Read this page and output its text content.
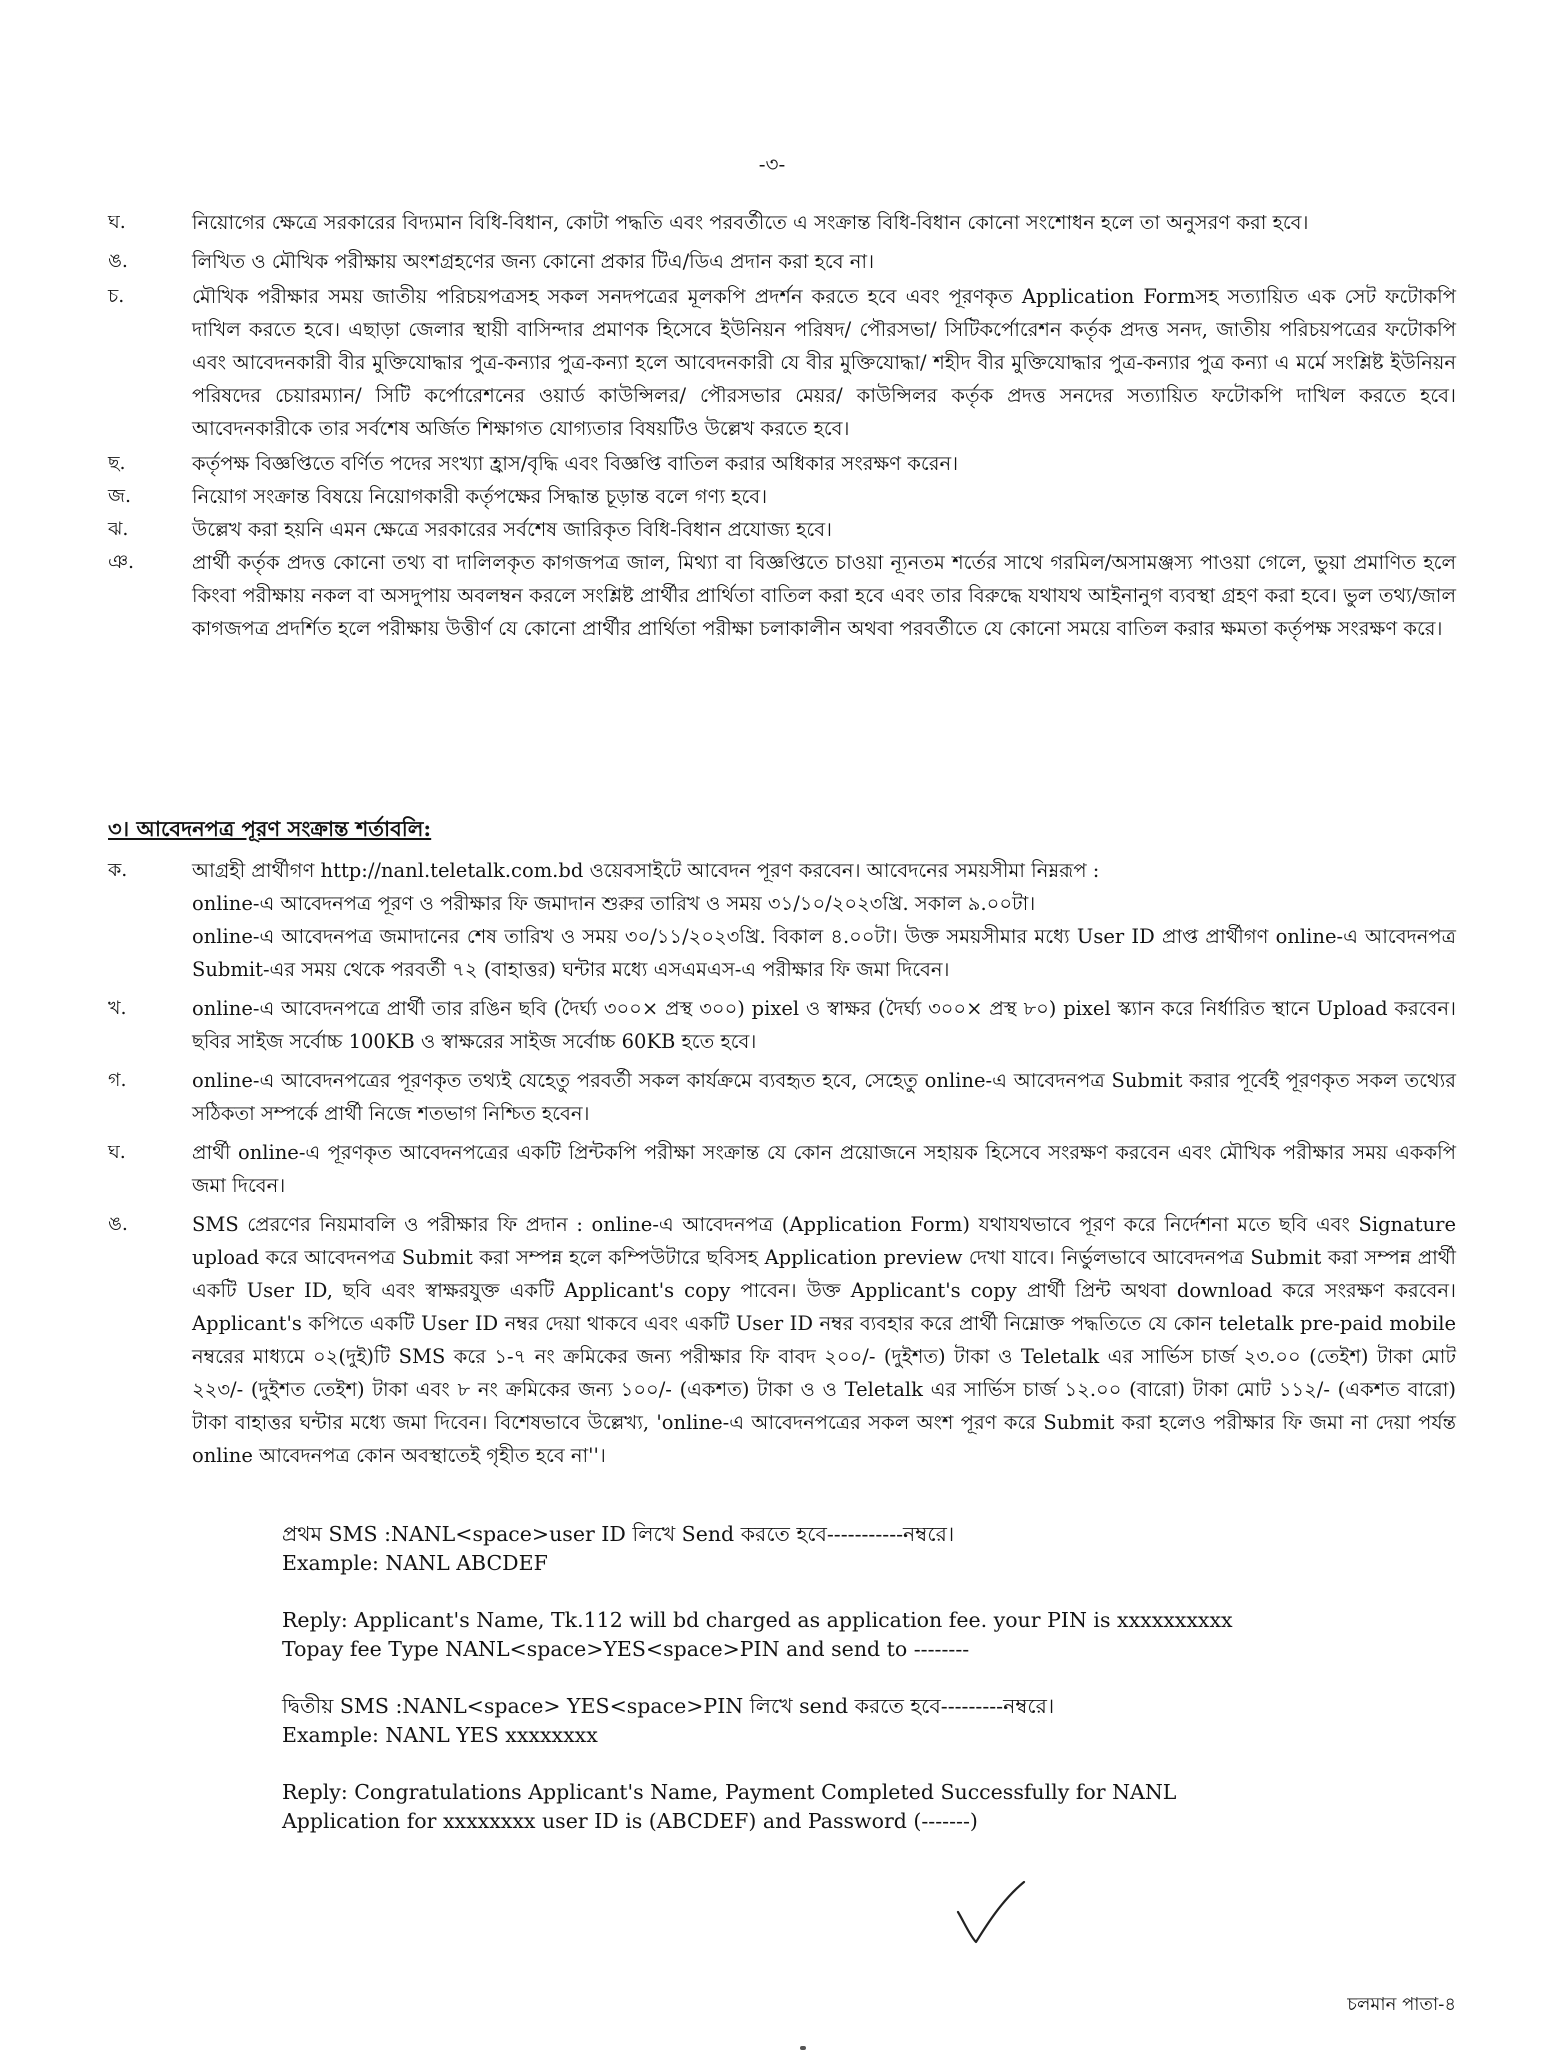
-৩-
ঘ.	নিয়োগের ক্ষেত্রে সরকারের বিদ্যমান বিধি-বিধান, কোটা পদ্ধতি এবং পরবর্তীতে এ সংক্রান্ত বিধি-বিধান কোনো সংশোধন হলে তা অনুসরণ করা হবে।
ঙ.	লিখিত ও মৌখিক পরীক্ষায় অংশগ্রহণের জন্য কোনো প্রকার টিএ/ডিএ প্রদান করা হবে না।
চ.	মৌখিক পরীক্ষার সময় জাতীয় পরিচয়পত্রসহ সকল সনদপত্রের মূলকপি প্রদর্শন করতে হবে এবং পূরণকৃত Application Formসহ সত্যায়িত এক সেট ফটোকপি দাখিল করতে হবে। এছাড়া জেলার স্থায়ী বাসিন্দার প্রমাণক হিসেবে ইউনিয়ন পরিষদ/ পৌরসভা/ সিটিকর্পোরেশন কর্তৃক প্রদত্ত সনদ, জাতীয় পরিচয়পত্রের ফটোকপি এবং আবেদনকারী বীর মুক্তিযোদ্ধার পুত্র-কন্যার পুত্র-কন্যা হলে আবেদনকারী যে বীর মুক্তিযোদ্ধা/ শহীদ বীর মুক্তিযোদ্ধার পুত্র-কন্যার পুত্র কন্যা এ মর্মে সংশ্লিষ্ট ইউনিয়ন পরিষদের চেয়ারম্যান/ সিটি কর্পোরেশনের ওয়ার্ড কাউন্সিলর/ পৌরসভার মেয়র/ কাউন্সিলর কর্তৃক প্রদত্ত সনদের সত্যায়িত ফটোকপি দাখিল করতে হবে। আবেদনকারীকে তার সর্বশেষ অর্জিত শিক্ষাগত যোগ্যতার বিষয়টিও উল্লেখ করতে হবে।
ছ.	কর্তৃপক্ষ বিজ্ঞপ্তিতে বর্ণিত পদের সংখ্যা হ্রাস/বৃদ্ধি এবং বিজ্ঞপ্তি বাতিল করার অধিকার সংরক্ষণ করেন।
জ.	নিয়োগ সংক্রান্ত বিষয়ে নিয়োগকারী কর্তৃপক্ষের সিদ্ধান্ত চূড়ান্ত বলে গণ্য হবে।
ঝ.	উল্লেখ করা হয়নি এমন ক্ষেত্রে সরকারের সর্বশেষ জারিকৃত বিধি-বিধান প্রযোজ্য হবে।
ঞ.	প্রার্থী কর্তৃক প্রদত্ত কোনো তথ্য বা দালিলকৃত কাগজপত্র জাল, মিথ্যা বা বিজ্ঞপ্তিতে চাওয়া ন্যূনতম শর্তের সাথে গরমিল/অসামঞ্জস্য পাওয়া গেলে, ভুয়া প্রমাণিত হলে কিংবা পরীক্ষায় নকল বা অসদুপায় অবলম্বন করলে সংশ্লিষ্ট প্রার্থীর প্রার্থিতা বাতিল করা হবে এবং তার বিরুদ্ধে যথাযথ আইনানুগ ব্যবস্থা গ্রহণ করা হবে। ভুল তথ্য/জাল কাগজপত্র প্রদর্শিত হলে পরীক্ষায় উত্তীর্ণ যে কোনো প্রার্থীর প্রার্থিতা পরীক্ষা চলাকালীন অথবা পরবর্তীতে যে কোনো সময়ে বাতিল করার ক্ষমতা কর্তৃপক্ষ সংরক্ষণ করে।
৩। আবেদনপত্র পূরণ সংক্রান্ত শর্তাবলি:
ক.	আগ্রহী প্রার্থীগণ http://nanl.teletalk.com.bd ওয়েবসাইটে আবেদন পূরণ করবেন। আবেদনের সময়সীমা নিম্নরূপ :

online-এ আবেদনপত্র পূরণ ও পরীক্ষার ফি জমাদান শুরুর তারিখ ও সময় ৩১/১০/২০২৩খ্রি. সকাল ৯.০০টা।

online-এ আবেদনপত্র জমাদানের শেষ তারিখ ও সময় ৩০/১১/২০২৩খ্রি. বিকাল ৪.০০টা। উক্ত সময়সীমার মধ্যে User ID প্রাপ্ত প্রার্থীগণ online-এ আবেদনপত্র Submit-এর সময় থেকে পরবর্তী ৭২ (বাহাত্তর) ঘন্টার মধ্যে এসএমএস-এ পরীক্ষার ফি জমা দিবেন।

খ.	online-এ আবেদনপত্রে প্রার্থী তার রঙিন ছবি (দৈর্ঘ্য ৩০০× প্রস্থ ৩০০) pixel ও স্বাক্ষর (দৈর্ঘ্য ৩০০× প্রস্থ ৮০) pixel স্ক্যান করে নির্ধারিত স্থানে Upload করবেন। ছবির সাইজ সর্বোচ্চ 100KB ও স্বাক্ষরের সাইজ সর্বোচ্চ 60KB হতে হবে।

গ.	online-এ আবেদনপত্রের পূরণকৃত তথ্যই যেহেতু পরবর্তী সকল কার্যক্রমে ব্যবহৃত হবে, সেহেতু online-এ আবেদনপত্র Submit করার পূর্বেই পূরণকৃত সকল তথ্যের সঠিকতা সম্পর্কে প্রার্থী নিজে শতভাগ নিশ্চিত হবেন।

ঘ.	প্রার্থী online-এ পূরণকৃত আবেদনপত্রের একটি প্রিন্টকপি পরীক্ষা সংক্রান্ত যে কোন প্রয়োজনে সহায়ক হিসেবে সংরক্ষণ করবেন এবং মৌখিক পরীক্ষার সময় এককপি জমা দিবেন।

ঙ.	SMS প্রেরণের নিয়মাবলি ও পরীক্ষার ফি প্রদান : online-এ আবেদনপত্র (Application Form) যথাযথভাবে পূরণ করে নির্দেশনা মতে ছবি এবং Signature upload করে আবেদনপত্র Submit করা সম্পন্ন হলে কম্পিউটারে ছবিসহ Application preview দেখা যাবে। নির্ভুলভাবে আবেদনপত্র Submit করা সম্পন্ন প্রার্থী একটি User ID, ছবি এবং স্বাক্ষরযুক্ত একটি Applicant's copy পাবেন। উক্ত Applicant's copy প্রার্থী প্রিন্ট অথবা download করে সংরক্ষণ করবেন। Applicant's কপিতে একটি User ID নম্বর দেয়া থাকবে এবং একটি User ID নম্বর ব্যবহার করে প্রার্থী নিম্নোক্ত পদ্ধতিতে যে কোন teletalk pre-paid mobile নম্বরের মাধ্যমে ০২(দুই)টি SMS করে ১-৭ নং ক্রমিকের জন্য পরীক্ষার ফি বাবদ ২০০/- (দুইশত) টাকা ও Teletalk এর সার্ভিস চার্জ ২৩.০০ (তেইশ) টাকা মোট ২২৩/- (দুইশত তেইশ) টাকা এবং ৮ নং ক্রমিকের জন্য ১০০/- (একশত) টাকা ও ও Teletalk এর সার্ভিস চার্জ ১২.০০ (বারো) টাকা মোট ১১২/- (একশত বারো) টাকা বাহাত্তর ঘন্টার মধ্যে জমা দিবেন। বিশেষভাবে উল্লেখ্য, 'online-এ আবেদনপত্রের সকল অংশ পূরণ করে Submit করা হলেও পরীক্ষার ফি জমা না দেয়া পর্যন্ত online আবেদনপত্র কোন অবস্থাতেই গৃহীত হবে না''।

প্রথম SMS :NANL<space>user ID লিখে Send করতে হবে-----------নম্বরে।

Example: NANL ABCDEF

Reply: Applicant's Name, Tk.112 will bd charged as application fee. your PIN is xxxxxxxxxx

Topay fee Type NANL<space>YES<space>PIN and send to --------

দ্বিতীয় SMS :NANL<space> YES<space>PIN লিখে send করতে হবে---------নম্বরে।

Example: NANL YES xxxxxxxx

Reply: Congratulations Applicant's Name, Payment Completed Successfully for NANL

Application for xxxxxxxx user ID is (ABCDEF) and Password (-------)

চলমান পাতা-৪
